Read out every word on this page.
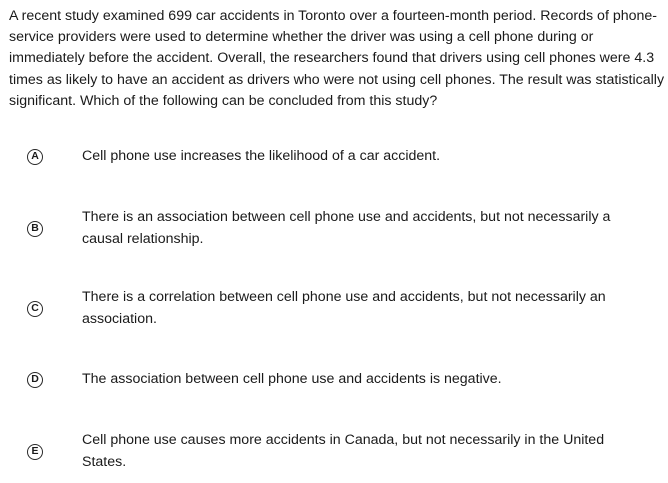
A recent study examined 699 car accidents in Toronto over a fourteen-month period. Records of phone-service providers were used to determine whether the driver was using a cell phone during or immediately before the accident. Overall, the researchers found that drivers using cell phones were 4.3 times as likely to have an accident as drivers who were not using cell phones. The result was statistically significant. Which of the following can be concluded from this study?

A	Cell phone use increases the likelihood of a car accident.
B
There is an association between cell phone use and accidents, but not necessarily a causal relationship.
C
There is a correlation between cell phone use and accidents, but not necessarily an association.
D	The association between cell phone use and accidents is negative.
E
Cell phone use causes more accidents in Canada, but not necessarily in the United States.
